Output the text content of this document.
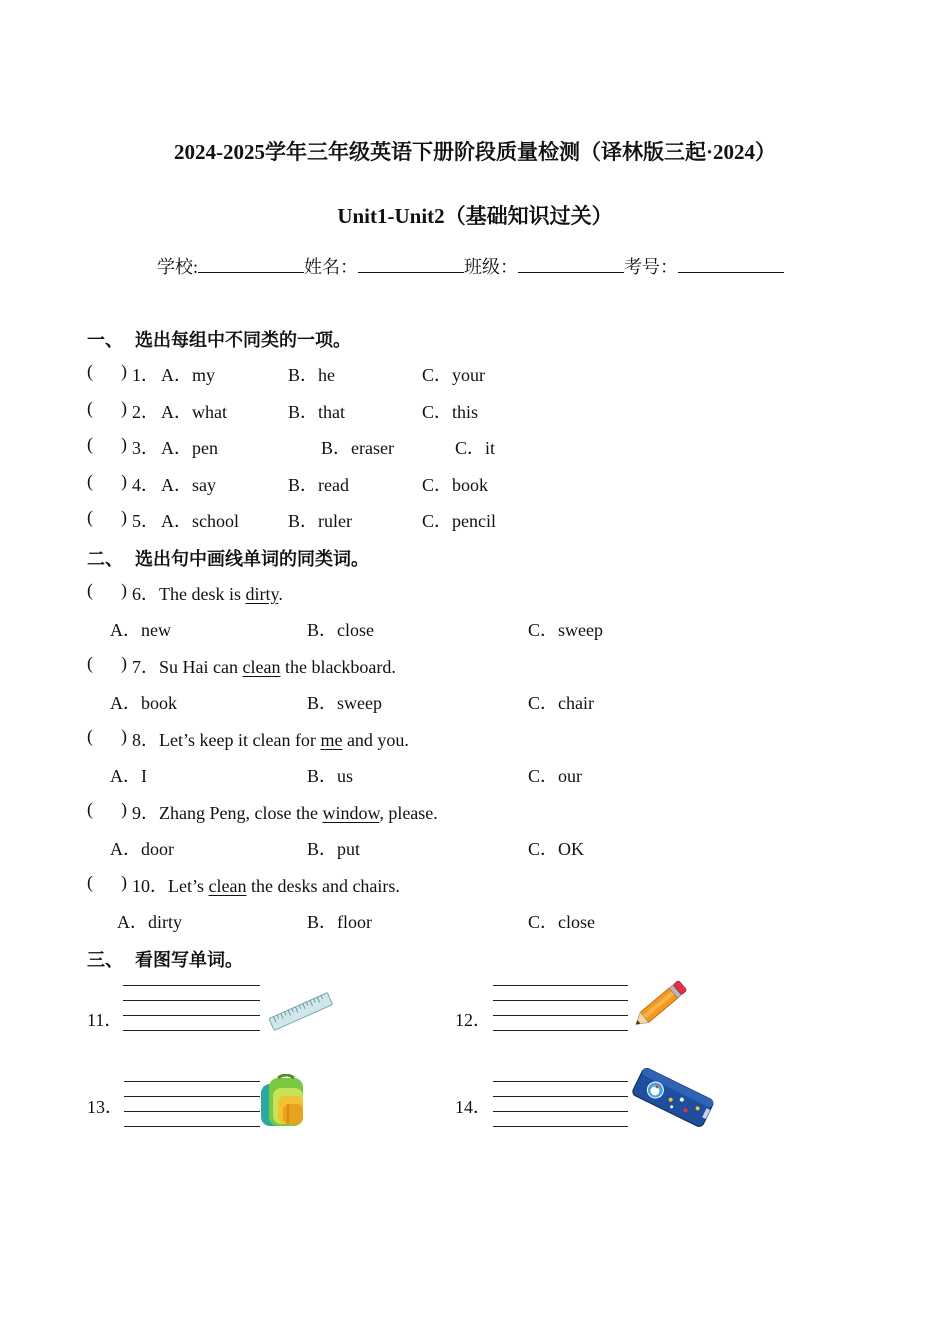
2024-2025学年三年级英语下册阶段质量检测（译林版三起·2024）
Unit1-Unit2（基础知识过关）
学校:	姓名：	班级：	考号：
一、 选出每组中不同类的一项。
( ) 1． A．my	B．he	C．your
( ) 2． A．what	B．that	C．this
( ) 3． A．pen	B．eraser	C．it
( ) 4． A．say	B．read	C．book
( ) 5． A．school	B．ruler	C．pencil
二、 选出句中画线单词的同类词。
( ) 6．The desk is dirty.
A．new	B．close	C．sweep
( ) 7．Su Hai can clean the blackboard.
A．book	B．sweep	C．chair
( ) 8．Let’s keep it clean for me and you.
A．I	B．us	C．our
( ) 9．Zhang Peng, close the window, please.
A．door	B．put	C．OK
( ) 10．Let’s clean the desks and chairs.
A．dirty	B．floor	C．close
三、 看图写单词。
11．	12．
13．	14．
